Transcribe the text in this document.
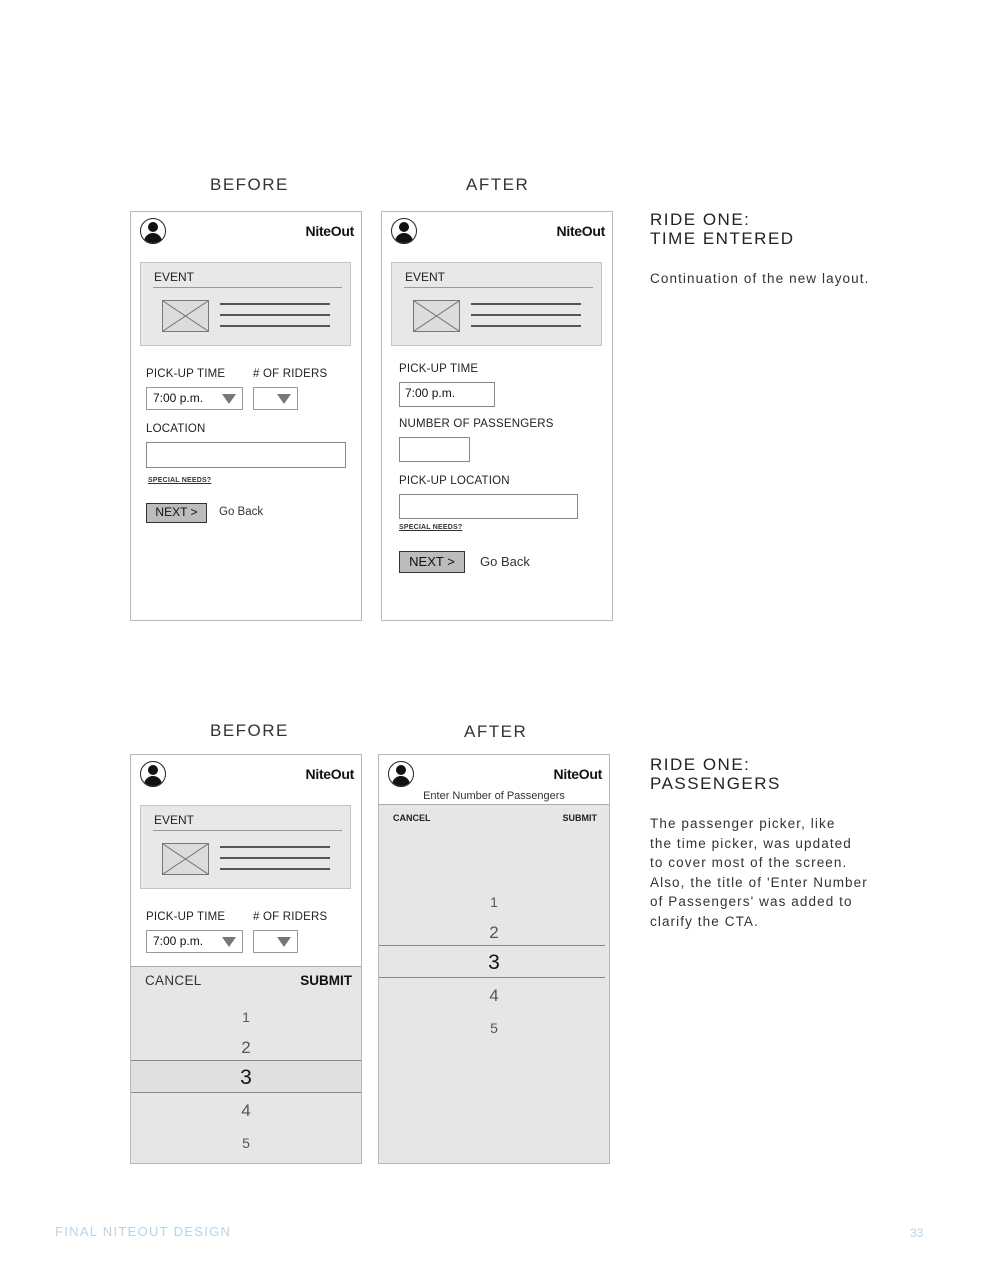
BEFORE	AFTER
NiteOut
EVENT
PICK-UP TIME # OF RIDERS
7:00 p.m.
LOCATION
SPECIAL NEEDS?
NEXT >	Go Back
NiteOut
EVENT
PICK-UP TIME
7:00 p.m.
NUMBER OF PASSENGERS
PICK-UP LOCATION
SPECIAL NEEDS?
NEXT >	Go Back
RIDE ONE:
TIME ENTERED
Continuation of the new layout.
BEFORE	AFTER
NiteOut
EVENT
PICK-UP TIME # OF RIDERS
7:00 p.m.
CANCEL	SUBMIT
1
2
3
4
5
NiteOut
Enter Number of Passengers
CANCEL	SUBMIT
1
2
3
4
5
RIDE ONE:
PASSENGERS
The passenger picker, like
the time picker, was updated
to cover most of the screen.
Also, the title of 'Enter Number
of Passengers' was added to
clarify the CTA.
FINAL NITEOUT DESIGN	33
